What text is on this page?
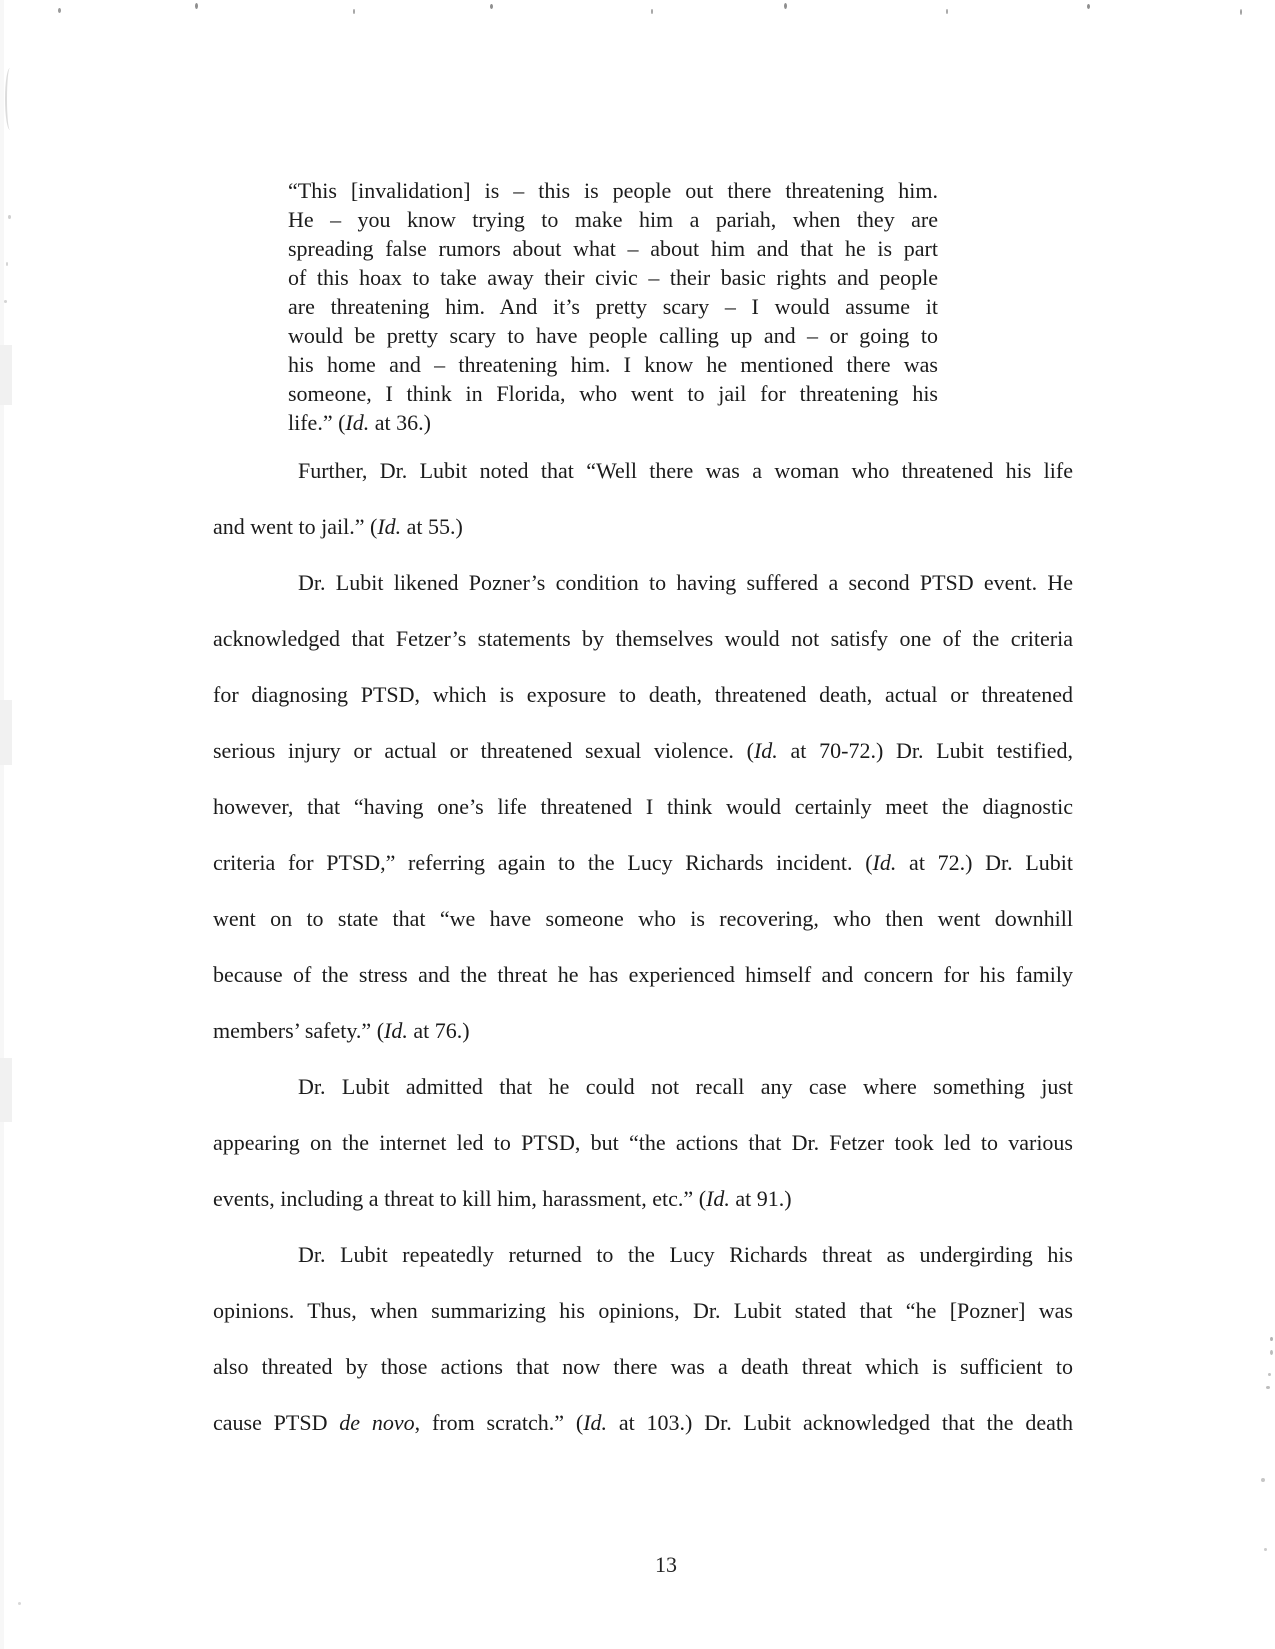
“This [invalidation] is – this is people out there threatening him.
He – you know trying to make him a pariah, when they are
spreading false rumors about what – about him and that he is part
of this hoax to take away their civic – their basic rights and people
are threatening him. And it’s pretty scary – I would assume it
would be pretty scary to have people calling up and – or going to
his home and – threatening him. I know he mentioned there was
someone, I think in Florida, who went to jail for threatening his
life.” (Id. at 36.)
Further, Dr. Lubit noted that “Well there was a woman who threatened his life
and went to jail.” (Id. at 55.)
Dr. Lubit likened Pozner’s condition to having suffered a second PTSD event. He
acknowledged that Fetzer’s statements by themselves would not satisfy one of the criteria
for diagnosing PTSD, which is exposure to death, threatened death, actual or threatened
serious injury or actual or threatened sexual violence. (Id. at 70-72.) Dr. Lubit testified,
however, that “having one’s life threatened I think would certainly meet the diagnostic
criteria for PTSD,” referring again to the Lucy Richards incident. (Id. at 72.) Dr. Lubit
went on to state that “we have someone who is recovering, who then went downhill
because of the stress and the threat he has experienced himself and concern for his family
members’ safety.” (Id. at 76.)
Dr. Lubit admitted that he could not recall any case where something just
appearing on the internet led to PTSD, but “the actions that Dr. Fetzer took led to various
events, including a threat to kill him, harassment, etc.” (Id. at 91.)
Dr. Lubit repeatedly returned to the Lucy Richards threat as undergirding his
opinions. Thus, when summarizing his opinions, Dr. Lubit stated that “he [Pozner] was
also threated by those actions that now there was a death threat which is sufficient to
cause PTSD de novo, from scratch.” (Id. at 103.) Dr. Lubit acknowledged that the death
13
